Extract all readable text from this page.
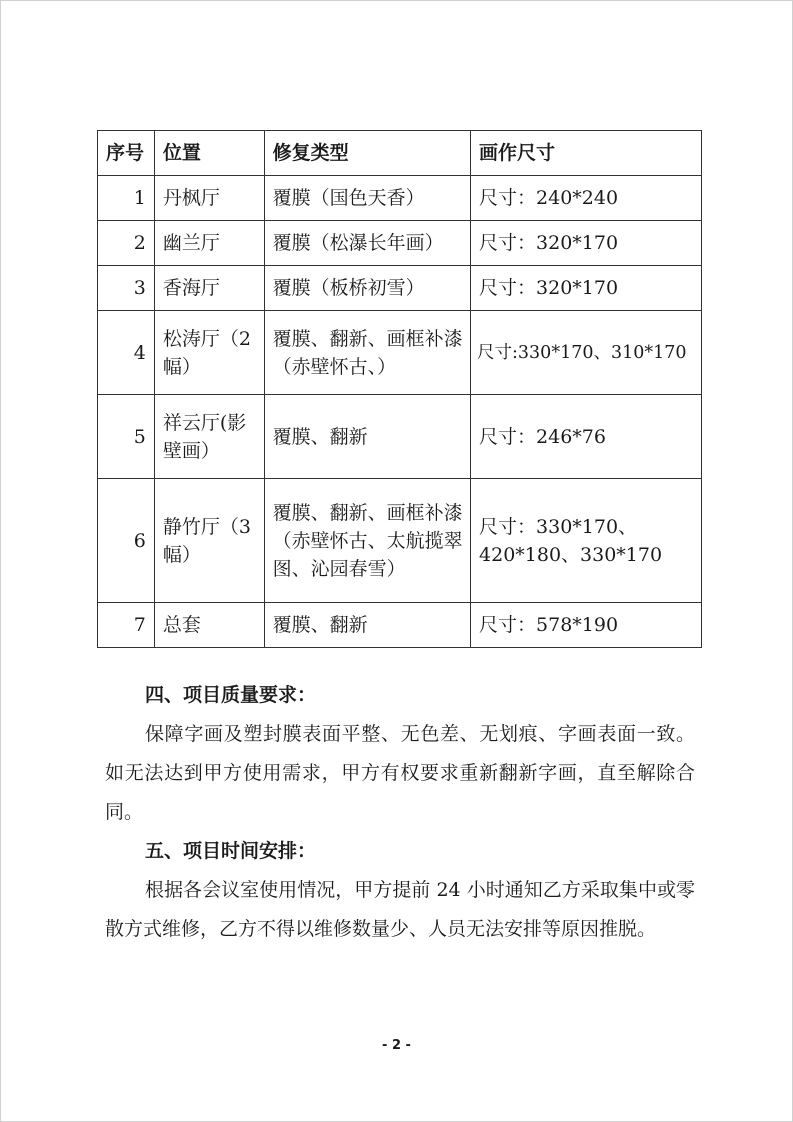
序号	位置	修复类型	画作尺寸
1	丹枫厅	覆膜（国色天香）	尺寸：240*240
2	幽兰厅	覆膜（松瀑长年画）	尺寸：320*170
3	香海厅	覆膜（板桥初雪）	尺寸：320*170
4	松涛厅（2幅）	覆膜、翻新、画框补漆（赤壁怀古、）	尺寸:330*170、310*170
5	祥云厅(影壁画）	覆膜、翻新	尺寸：246*76
6	静竹厅（3幅）	覆膜、翻新、画框补漆（赤壁怀古、太航揽翠图、沁园春雪）	尺寸：330*170、420*180、330*170
7	总套	覆膜、翻新	尺寸：578*190
四、项目质量要求：
保障字画及塑封膜表面平整、无色差、无划痕、字画表面一致。如无法达到甲方使用需求，甲方有权要求重新翻新字画，直至解除合同。
五、项目时间安排：
根据各会议室使用情况，甲方提前 24 小时通知乙方采取集中或零散方式维修，乙方不得以维修数量少、人员无法安排等原因推脱。
- 2 -
